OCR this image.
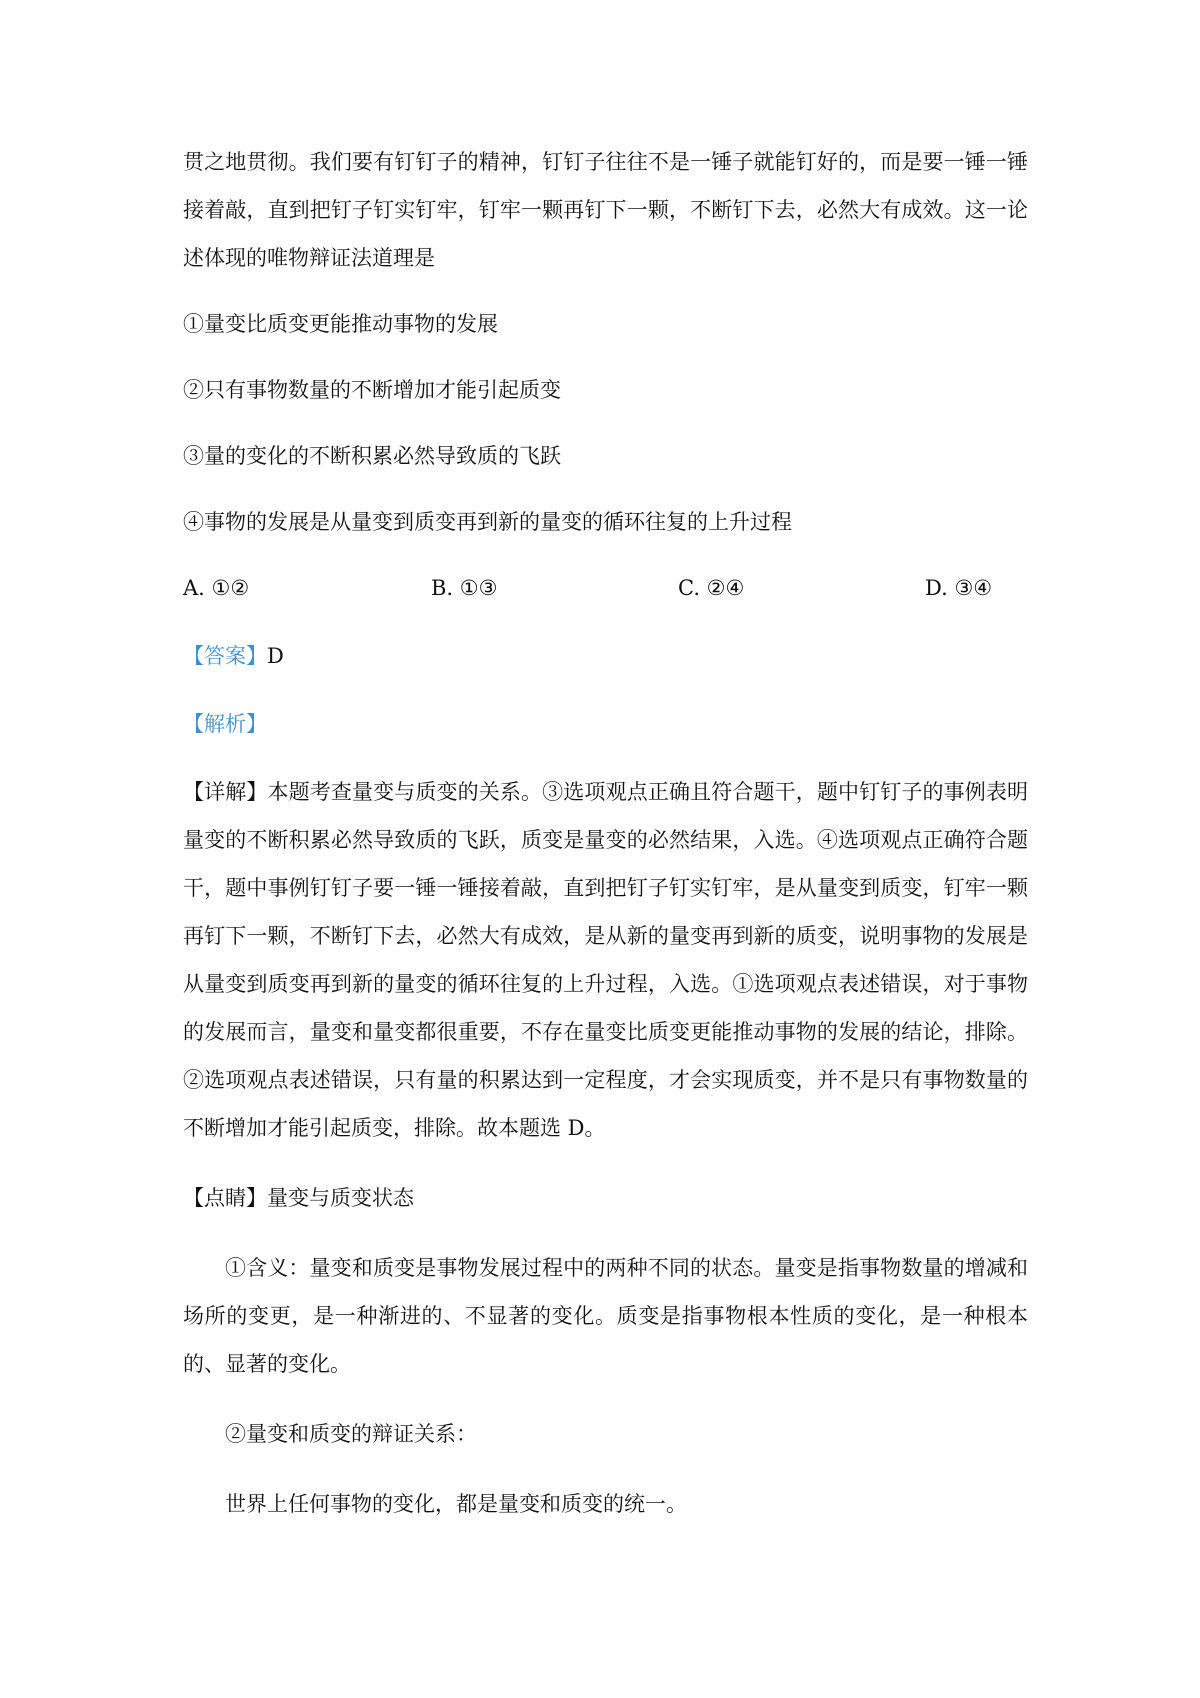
贯之地贯彻。我们要有钉钉子的精神，钉钉子往往不是一锤子就能钉好的，而是要一锤一锤接着敲，直到把钉子钉实钉牢，钉牢一颗再钉下一颗，不断钉下去，必然大有成效。这一论述体现的唯物辩证法道理是

①量变比质变更能推动事物的发展

②只有事物数量的不断增加才能引起质变

③量的变化的不断积累必然导致质的飞跃

④事物的发展是从量变到质变再到新的量变的循环往复的上升过程

A. ①②	B. ①③	C. ②④	D. ③④

【答案】D

【解析】

【详解】本题考查量变与质变的关系。③选项观点正确且符合题干，题中钉钉子的事例表明量变的不断积累必然导致质的飞跃，质变是量变的必然结果，入选。④选项观点正确符合题干，题中事例钉钉子要一锤一锤接着敲，直到把钉子钉实钉牢，是从量变到质变，钉牢一颗再钉下一颗，不断钉下去，必然大有成效，是从新的量变再到新的质变，说明事物的发展是从量变到质变再到新的量变的循环往复的上升过程，入选。①选项观点表述错误，对于事物的发展而言，量变和量变都很重要，不存在量变比质变更能推动事物的发展的结论，排除。②选项观点表述错误，只有量的积累达到一定程度，才会实现质变，并不是只有事物数量的不断增加才能引起质变，排除。故本题选 D。

【点睛】量变与质变状态

①含义：量变和质变是事物发展过程中的两种不同的状态。量变是指事物数量的增减和场所的变更，是一种渐进的、不显著的变化。质变是指事物根本性质的变化，是一种根本的、显著的变化。

②量变和质变的辩证关系：

世界上任何事物的变化，都是量变和质变的统一。
